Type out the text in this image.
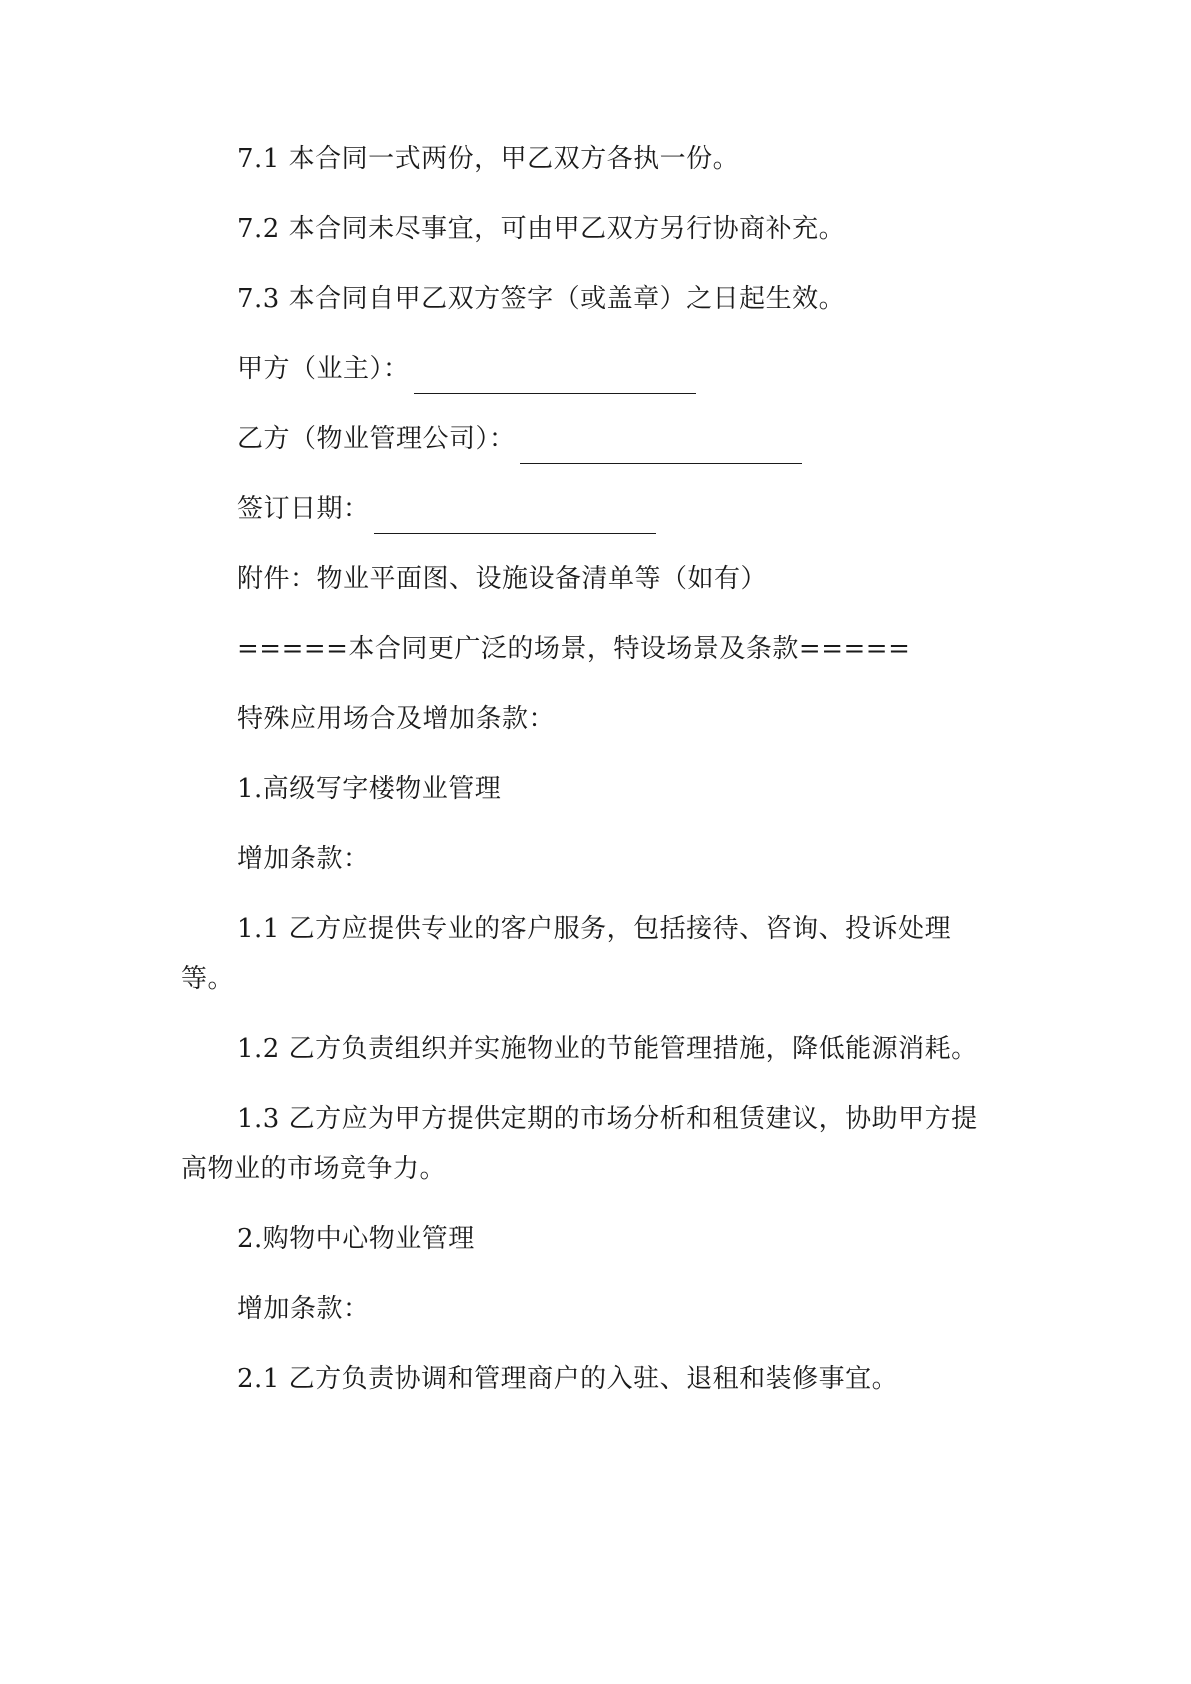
7.1 本合同一式两份，甲乙双方各执一份。

7.2 本合同未尽事宜，可由甲乙双方另行协商补充。

7.3 本合同自甲乙双方签字（或盖章）之日起生效。

甲方（业主）：

乙方（物业管理公司）：

签订日期：

附件：物业平面图、设施设备清单等（如有）

=====本合同更广泛的场景，特设场景及条款=====

特殊应用场合及增加条款：

1.高级写字楼物业管理

增加条款：

1.1 乙方应提供专业的客户服务，包括接待、咨询、投诉处理等。

1.2 乙方负责组织并实施物业的节能管理措施，降低能源消耗。

1.3 乙方应为甲方提供定期的市场分析和租赁建议，协助甲方提高物业的市场竞争力。

2.购物中心物业管理

增加条款：

2.1 乙方负责协调和管理商户的入驻、退租和装修事宜。
